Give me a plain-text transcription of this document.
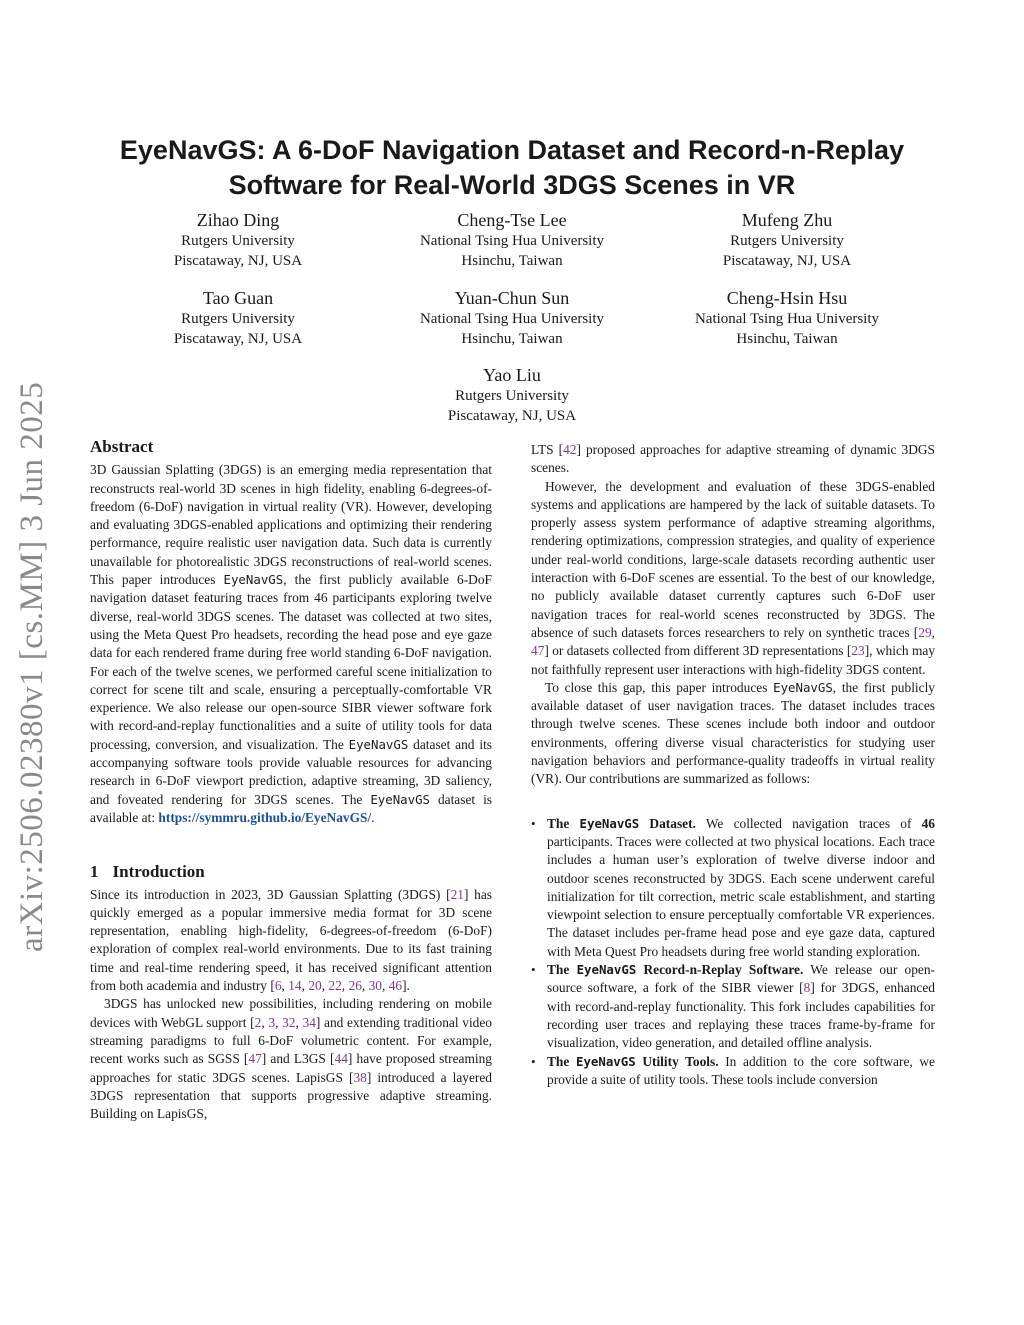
arXiv:2506.02380v1 [cs.MM] 3 Jun 2025
EyeNavGS: A 6-DoF Navigation Dataset and Record-n-Replay
Software for Real-World 3DGS Scenes in VR
Zihao Ding
Rutgers University
Piscataway, NJ, USA
Cheng-Tse Lee
National Tsing Hua University
Hsinchu, Taiwan
Mufeng Zhu
Rutgers University
Piscataway, NJ, USA
Tao Guan
Rutgers University
Piscataway, NJ, USA
Yuan-Chun Sun
National Tsing Hua University
Hsinchu, Taiwan
Cheng-Hsin Hsu
National Tsing Hua University
Hsinchu, Taiwan
Yao Liu
Rutgers University
Piscataway, NJ, USA
Abstract

3D Gaussian Splatting (3DGS) is an emerging media representation that reconstructs real-world 3D scenes in high fidelity, enabling 6-degrees-of-freedom (6-DoF) navigation in virtual reality (VR). However, developing and evaluating 3DGS-enabled applications and optimizing their rendering performance, require realistic user navigation data. Such data is currently unavailable for photorealistic 3DGS reconstructions of real-world scenes. This paper introduces EyeNavGS, the first publicly available 6-DoF navigation dataset featuring traces from 46 participants exploring twelve diverse, real-world 3DGS scenes. The dataset was collected at two sites, using the Meta Quest Pro headsets, recording the head pose and eye gaze data for each rendered frame during free world standing 6-DoF navigation. For each of the twelve scenes, we performed careful scene initialization to correct for scene tilt and scale, ensuring a perceptually-comfortable VR experience. We also release our open-source SIBR viewer software fork with record-and-replay functionalities and a suite of utility tools for data processing, conversion, and visualization. The EyeNavGS dataset and its accompanying software tools provide valuable resources for advancing research in 6-DoF viewport prediction, adaptive streaming, 3D saliency, and foveated rendering for 3DGS scenes. The EyeNavGS dataset is available at: https://symmru.github.io/EyeNavGS/.

1 Introduction

Since its introduction in 2023, 3D Gaussian Splatting (3DGS) [21] has quickly emerged as a popular immersive media format for 3D scene representation, enabling high-fidelity, 6-degrees-of-freedom (6-DoF) exploration of complex real-world environments. Due to its fast training time and real-time rendering speed, it has received significant attention from both academia and industry [6, 14, 20, 22, 26, 30, 46].

3DGS has unlocked new possibilities, including rendering on mobile devices with WebGL support [2, 3, 32, 34] and extending traditional video streaming paradigms to full 6-DoF volumetric content. For example, recent works such as SGSS [47] and L3GS [44] have proposed streaming approaches for static 3DGS scenes. LapisGS [38] introduced a layered 3DGS representation that supports progressive adaptive streaming. Building on LapisGS,

LTS [42] proposed approaches for adaptive streaming of dynamic 3DGS scenes.

However, the development and evaluation of these 3DGS-enabled systems and applications are hampered by the lack of suitable datasets. To properly assess system performance of adaptive streaming algorithms, rendering optimizations, compression strategies, and quality of experience under real-world conditions, large-scale datasets recording authentic user interaction with 6-DoF scenes are essential. To the best of our knowledge, no publicly available dataset currently captures such 6-DoF user navigation traces for real-world scenes reconstructed by 3DGS. The absence of such datasets forces researchers to rely on synthetic traces [29, 47] or datasets collected from different 3D representations [23], which may not faithfully represent user interactions with high-fidelity 3DGS content.

To close this gap, this paper introduces EyeNavGS, the first publicly available dataset of user navigation traces. The dataset includes traces through twelve scenes. These scenes include both indoor and outdoor environments, offering diverse visual characteristics for studying user navigation behaviors and performance-quality tradeoffs in virtual reality (VR). Our contributions are summarized as follows:

• The EyeNavGS Dataset. We collected navigation traces of 46 participants. Traces were collected at two physical locations. Each trace includes a human user’s exploration of twelve diverse indoor and outdoor scenes reconstructed by 3DGS. Each scene underwent careful initialization for tilt correction, metric scale establishment, and starting viewpoint selection to ensure perceptually comfortable VR experiences. The dataset includes per-frame head pose and eye gaze data, captured with Meta Quest Pro headsets during free world standing exploration.
• The EyeNavGS Record-n-Replay Software. We release our open-source software, a fork of the SIBR viewer [8] for 3DGS, enhanced with record-and-replay functionality. This fork includes capabilities for recording user traces and replaying these traces frame-by-frame for visualization, video generation, and detailed offline analysis.
• The EyeNavGS Utility Tools. In addition to the core software, we provide a suite of utility tools. These tools include conversion
